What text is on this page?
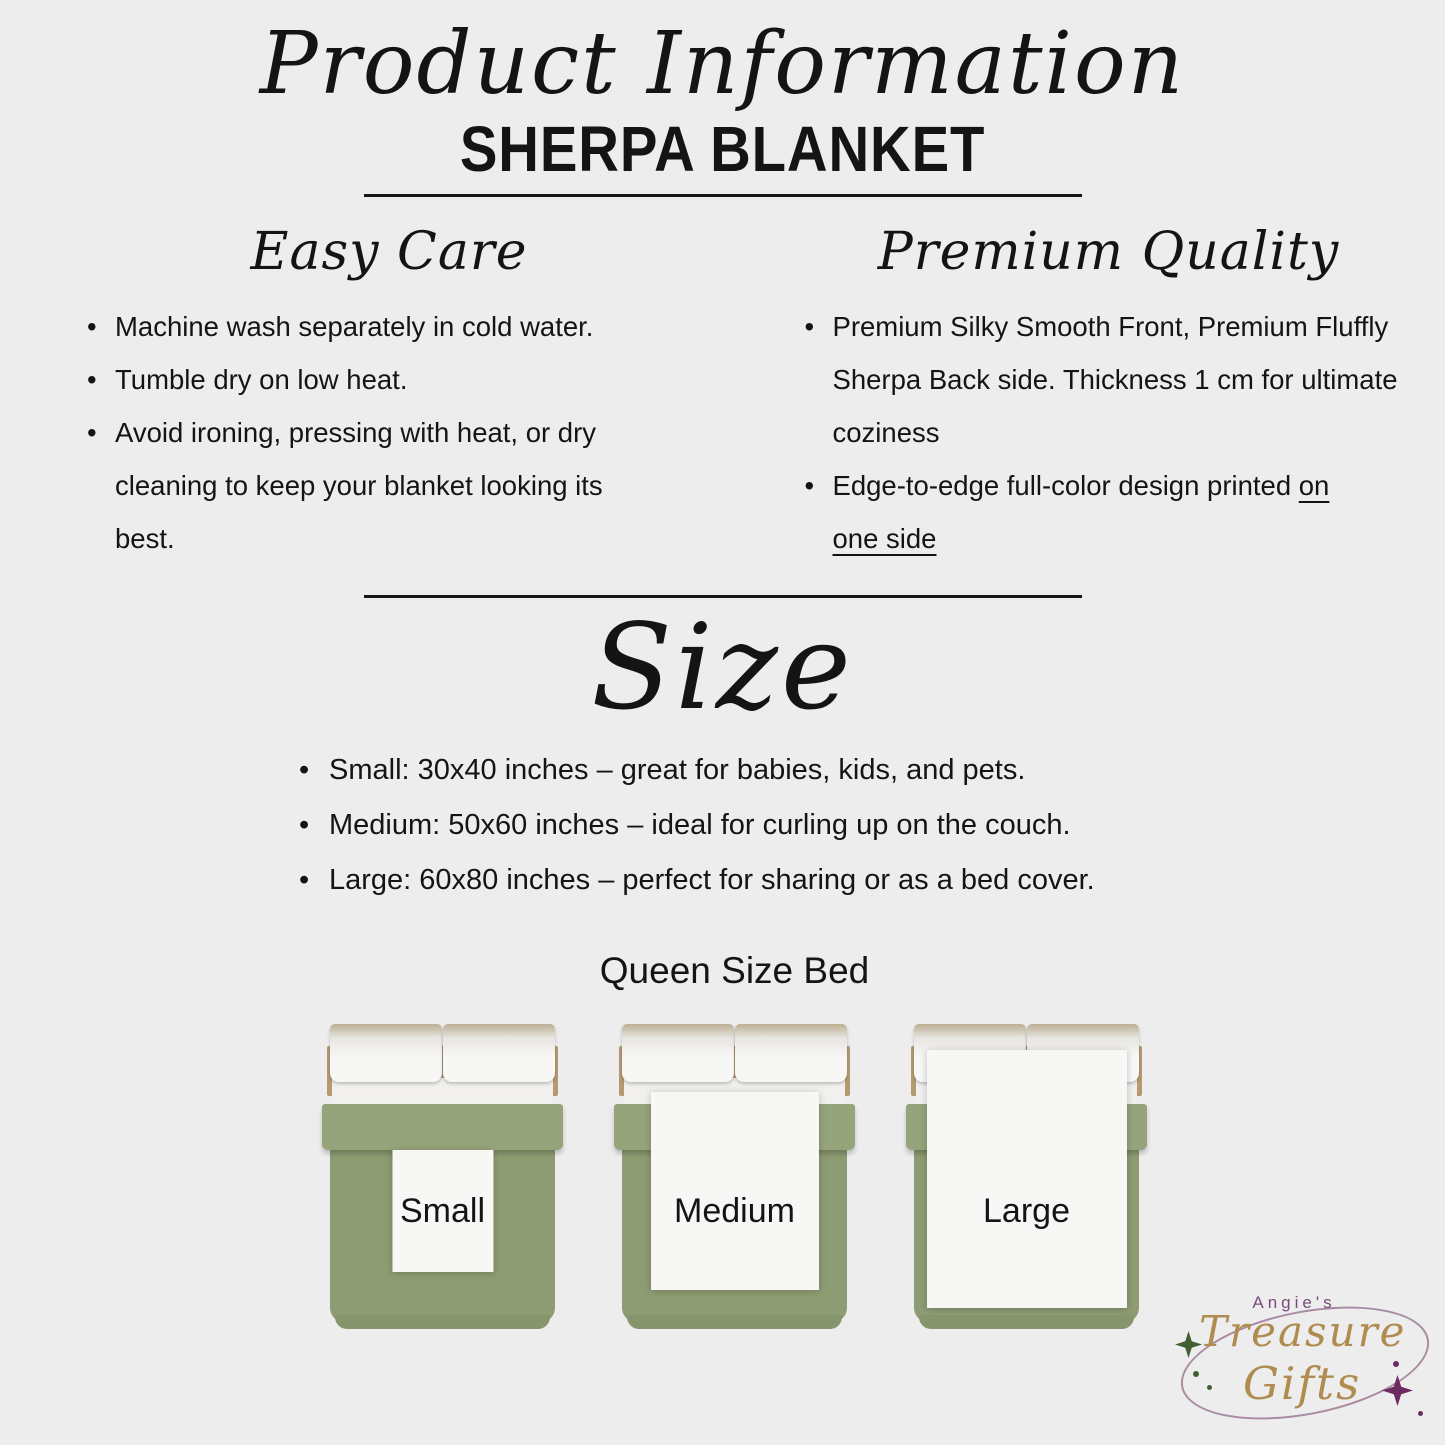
Product Information
SHERPA BLANKET
Easy Care
• Machine wash separately in cold water.
• Tumble dry on low heat.
• Avoid ironing, pressing with heat, or dry
cleaning to keep your blanket looking its
best.
Premium Quality
• Premium Silky Smooth Front, Premium Fluffly
Sherpa Back side. Thickness 1 cm for ultimate
coziness
• Edge-to-edge full-color design printed on
one side
Size
• Small: 30x40 inches – great for babies, kids, and pets.
• Medium: 50x60 inches – ideal for curling up on the couch.
• Large: 60x80 inches – perfect for sharing or as a bed cover.
Queen Size Bed
Small	Medium	Large
Angie's
Treasure
Gifts
